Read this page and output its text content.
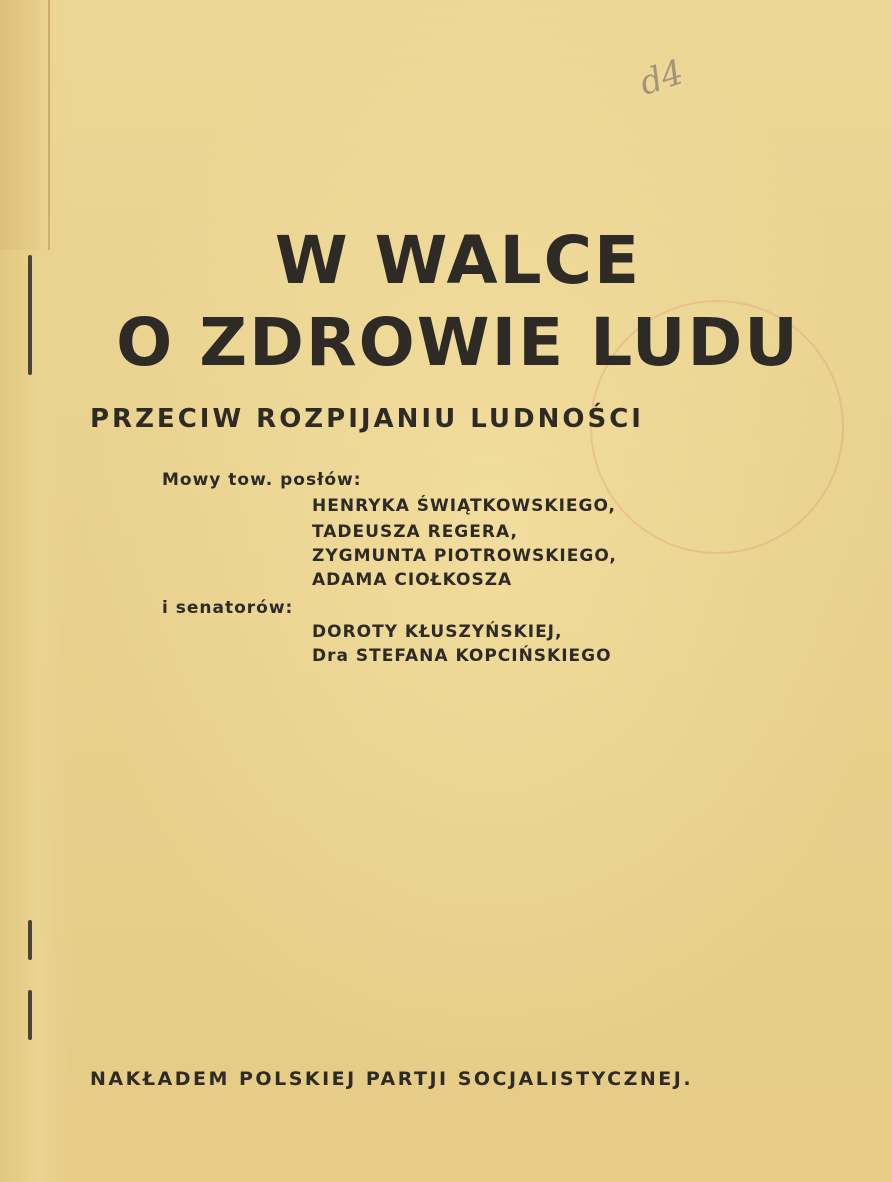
d4
W WALCE
O ZDROWIE LUDU
PRZECIW ROZPIJANIU LUDNOŚCI
Mowy tow. posłów:
HENRYKA ŚWIĄTKOWSKIEGO,
TADEUSZA REGERA,
ZYGMUNTA PIOTROWSKIEGO,
ADAMA CIOŁKOSZA
i senatorów:
DOROTY KŁUSZYŃSKIEJ,
Dra STEFANA KOPCIŃSKIEGO
NAKŁADEM POLSKIEJ PARTJI SOCJALISTYCZNEJ.
